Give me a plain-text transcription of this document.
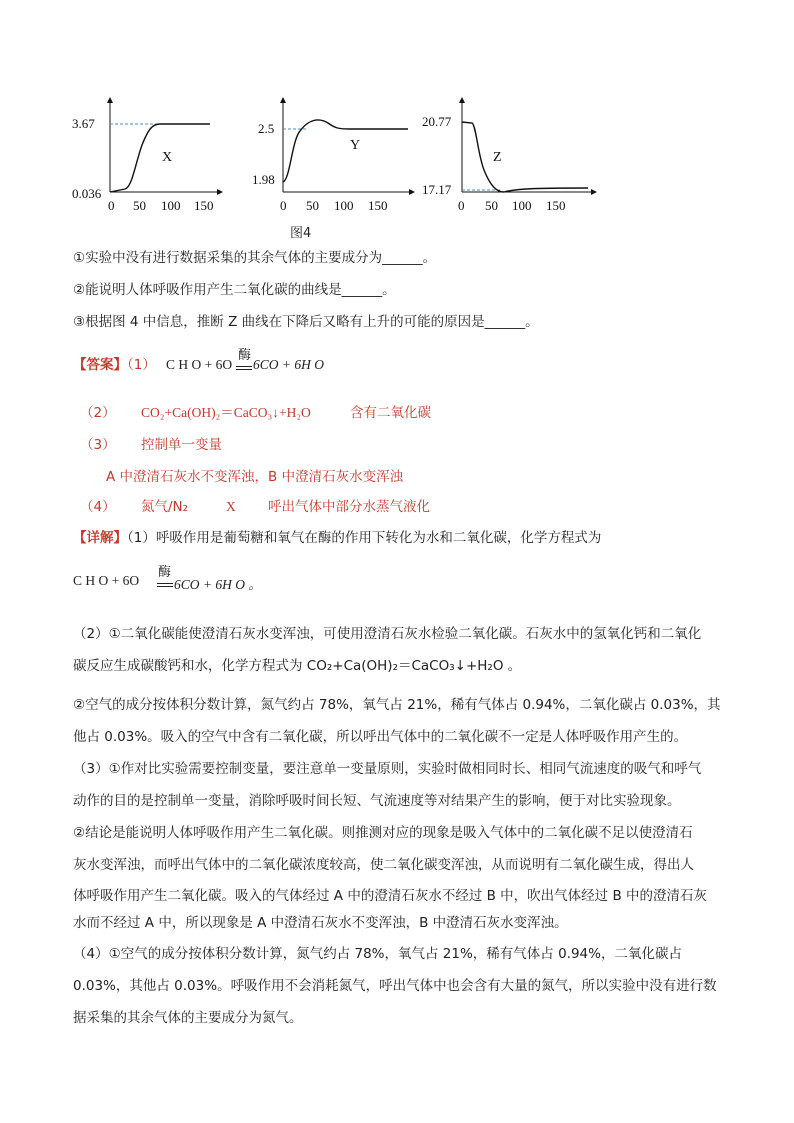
3.67
0.036
0 50 100 150
X
2.5
1.98
0 50 100 150
Y
20.77
17.17
0 50 100 150
Z
图4
①实验中没有进行数据采集的其余气体的主要成分为______。
②能说明人体呼吸作用产生二氧化碳的曲线是______。
③根据图 4 中信息，推断 Z 曲线在下降后又略有上升的可能的原因是______。
【答案】（1）
酶
C H O + 6O 6CO + 6H O
（2） CO₂+Ca(OH)₂＝CaCO₃↓+H₂O	含有二氧化碳
（3） 控制单一变量
A 中澄清石灰水不变浑浊，B 中澄清石灰水变浑浊
（4） 氮气/N₂	X 呼出气体中部分水蒸气液化
【详解】（1）呼吸作用是葡萄糖和氧气在酶的作用下转化为水和二氧化碳，化学方程式为
酶
C H O + 6O	6CO + 6H O 。
（2）①二氧化碳能使澄清石灰水变浑浊，可使用澄清石灰水检验二氧化碳。石灰水中的氢氧化钙和二氧化
碳反应生成碳酸钙和水，化学方程式为 CO₂+Ca(OH)₂＝CaCO₃↓+H₂O 。
②空气的成分按体积分数计算，氮气约占 78%，氧气占 21%，稀有气体占 0.94%，二氧化碳占 0.03%，其
他占 0.03%。吸入的空气中含有二氧化碳，所以呼出气体中的二氧化碳不一定是人体呼吸作用产生的。
（3）①作对比实验需要控制变量，要注意单一变量原则，实验时做相同时长、相同气流速度的吸气和呼气
动作的目的是控制单一变量，消除呼吸时间长短、气流速度等对结果产生的影响，便于对比实验现象。
②结论是能说明人体呼吸作用产生二氧化碳。则推测对应的现象是吸入气体中的二氧化碳不足以使澄清石
灰水变浑浊，而呼出气体中的二氧化碳浓度较高，使二氧化碳变浑浊，从而说明有二氧化碳生成，得出人
体呼吸作用产生二氧化碳。吸入的气体经过 A 中的澄清石灰水不经过 B 中，吹出气体经过 B 中的澄清石灰
水而不经过 A 中，所以现象是 A 中澄清石灰水不变浑浊，B 中澄清石灰水变浑浊。
（4）①空气的成分按体积分数计算，氮气约占 78%，氧气占 21%，稀有气体占 0.94%，二氧化碳占
0.03%，其他占 0.03%。呼吸作用不会消耗氮气，呼出气体中也会含有大量的氮气，所以实验中没有进行数
据采集的其余气体的主要成分为氮气。
